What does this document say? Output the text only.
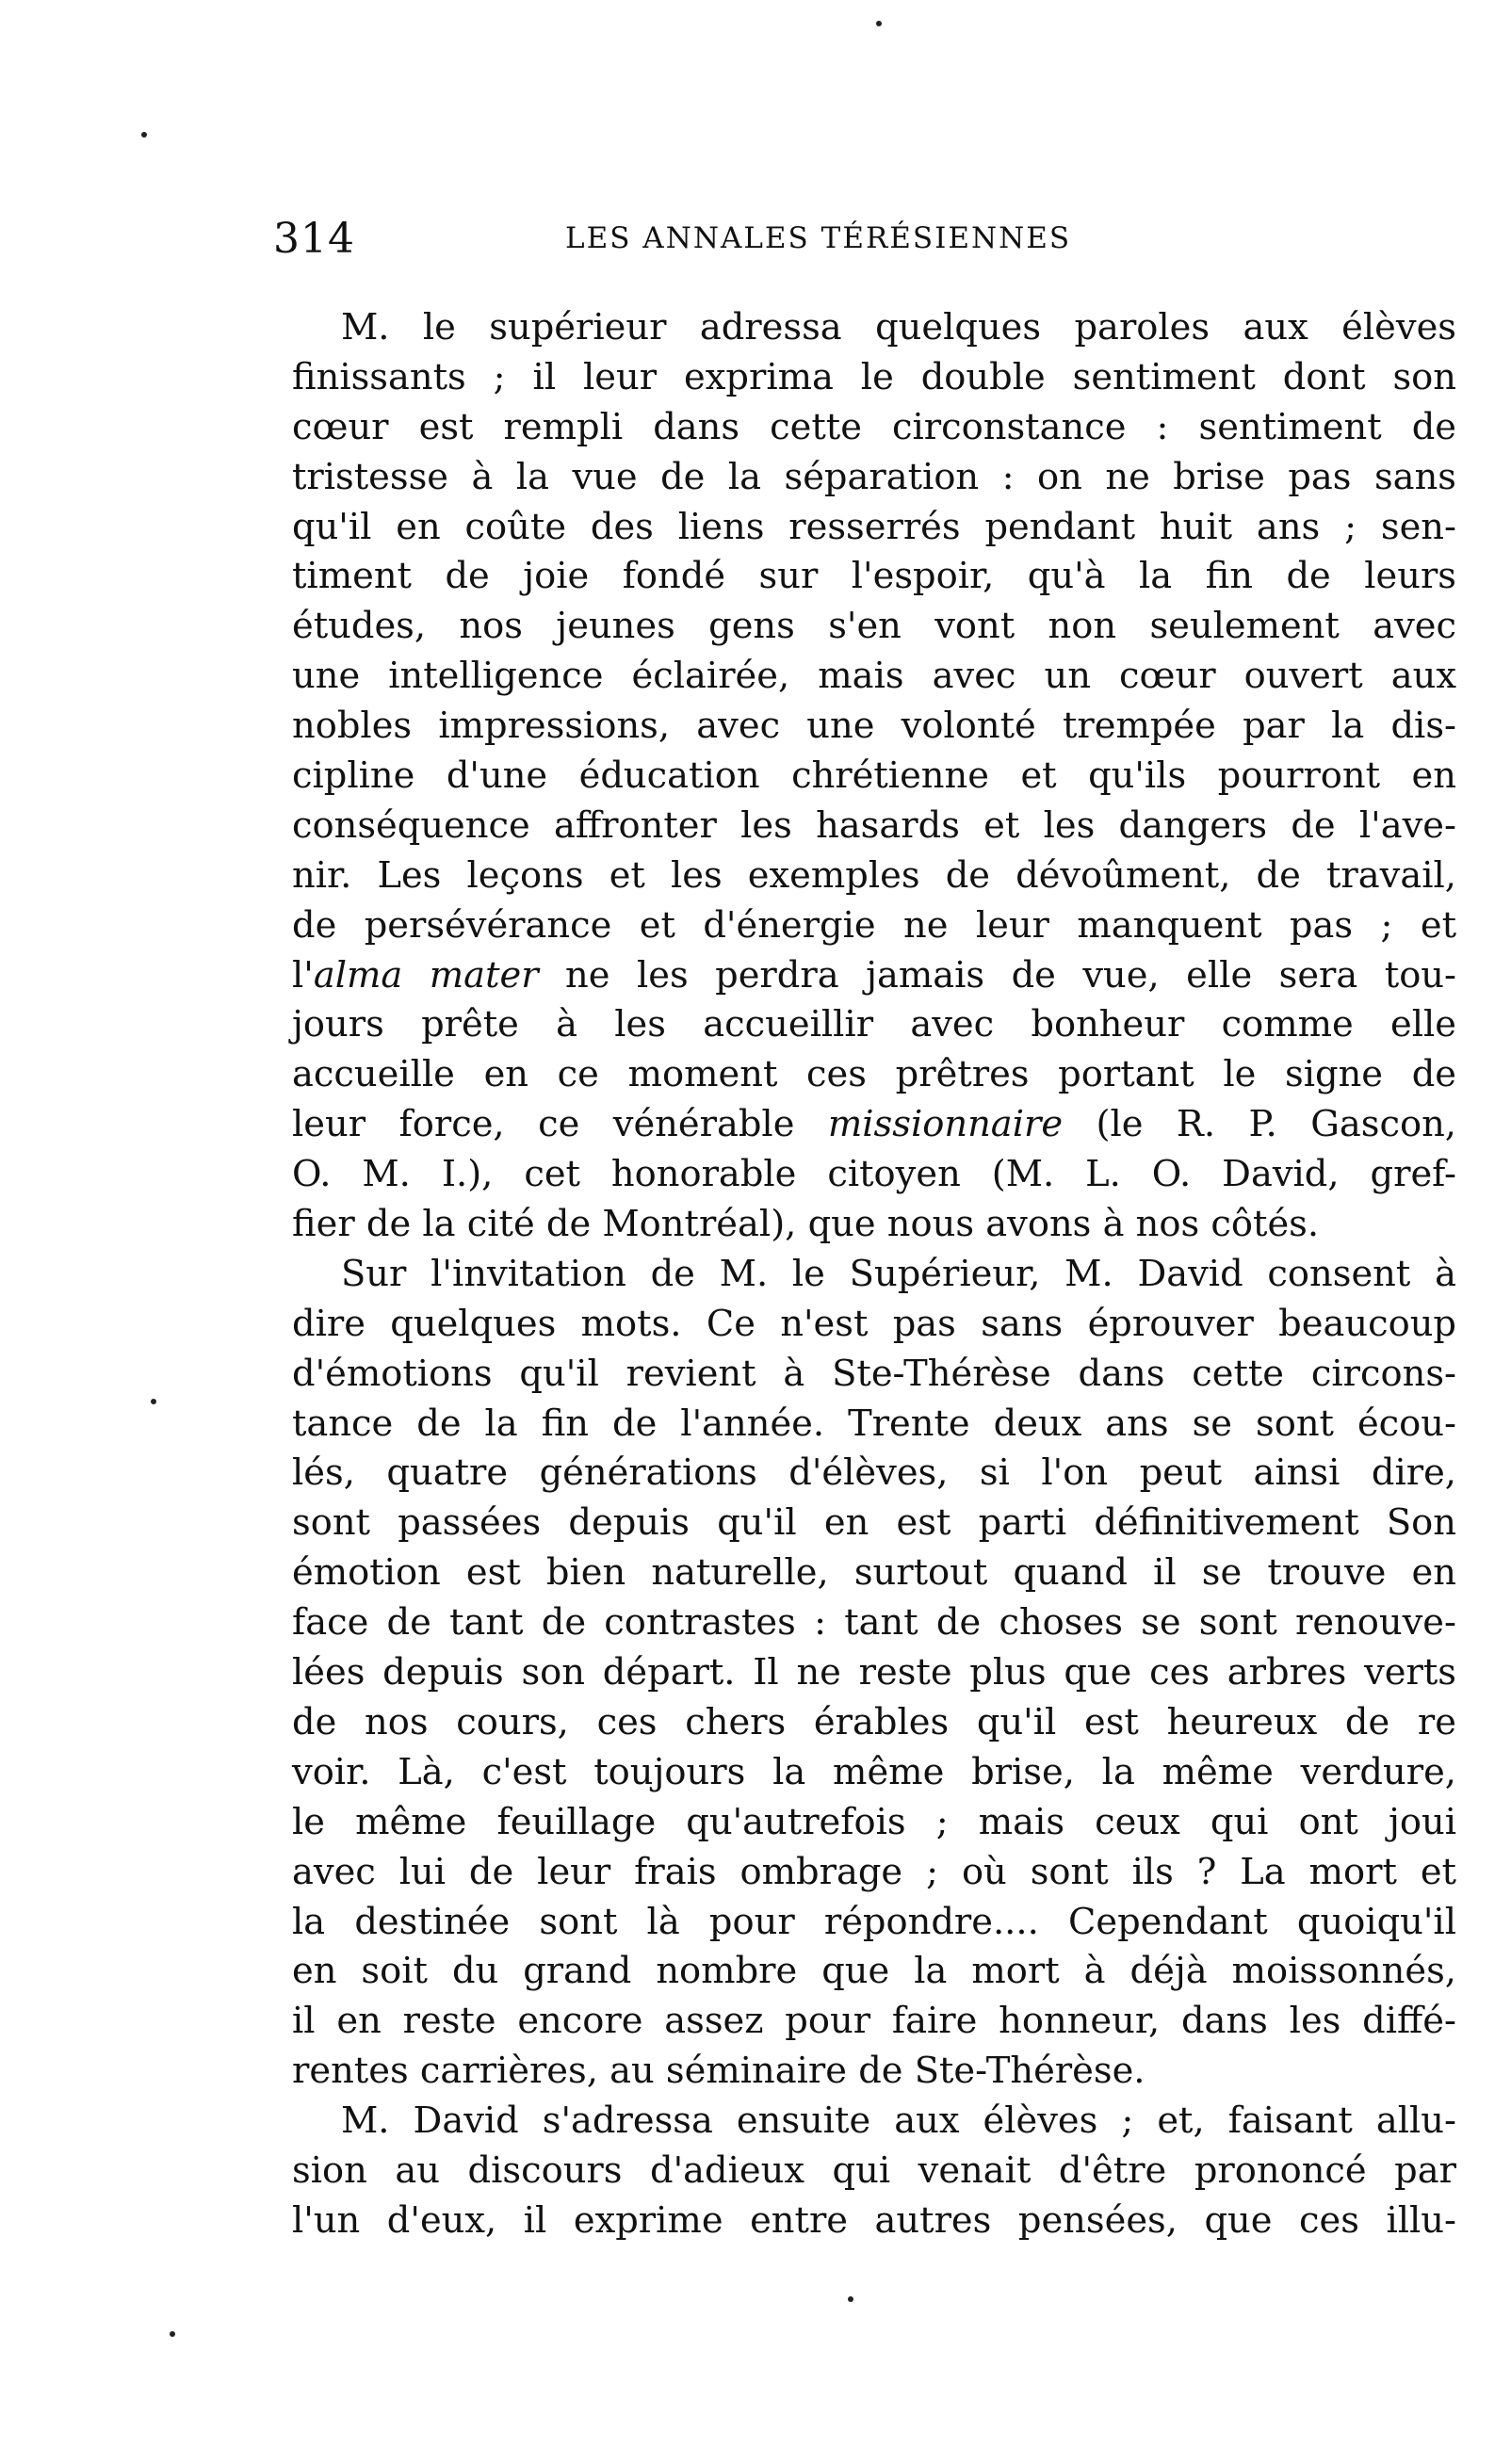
314	LES ANNALES TÉRÉSIENNES
M. le supérieur adressa quelques paroles aux élèves
finissants ; il leur exprima le double sentiment dont son
cœur est rempli dans cette circonstance : sentiment de
tristesse à la vue de la séparation : on ne brise pas sans
qu'il en coûte des liens resserrés pendant huit ans ; sen-
timent de joie fondé sur l'espoir, qu'à la fin de leurs
études, nos jeunes gens s'en vont non seulement avec
une intelligence éclairée, mais avec un cœur ouvert aux
nobles impressions, avec une volonté trempée par la dis-
cipline d'une éducation chrétienne et qu'ils pourront en
conséquence affronter les hasards et les dangers de l'ave-
nir. Les leçons et les exemples de dévoûment, de travail,
de persévérance et d'énergie ne leur manquent pas ; et
l'alma mater ne les perdra jamais de vue, elle sera tou-
jours prête à les accueillir avec bonheur comme elle
accueille en ce moment ces prêtres portant le signe de
leur force, ce vénérable missionnaire (le R. P. Gascon,
O. M. I.), cet honorable citoyen (M. L. O. David, gref-
fier de la cité de Montréal), que nous avons à nos côtés.
Sur l'invitation de M. le Supérieur, M. David consent à
dire quelques mots. Ce n'est pas sans éprouver beaucoup
d'émotions qu'il revient à Ste-Thérèse dans cette circons-
tance de la fin de l'année. Trente deux ans se sont écou-
lés, quatre générations d'élèves, si l'on peut ainsi dire,
sont passées depuis qu'il en est parti définitivement Son
émotion est bien naturelle, surtout quand il se trouve en
face de tant de contrastes : tant de choses se sont renouve-
lées depuis son départ. Il ne reste plus que ces arbres verts
de nos cours, ces chers érables qu'il est heureux de re
voir. Là, c'est toujours la même brise, la même verdure,
le même feuillage qu'autrefois ; mais ceux qui ont joui
avec lui de leur frais ombrage ; où sont ils ? La mort et
la destinée sont là pour répondre.... Cependant quoiqu'il
en soit du grand nombre que la mort à déjà moissonnés,
il en reste encore assez pour faire honneur, dans les diffé-
rentes carrières, au séminaire de Ste-Thérèse.
M. David s'adressa ensuite aux élèves ; et, faisant allu-
sion au discours d'adieux qui venait d'être prononcé par
l'un d'eux, il exprime entre autres pensées, que ces illu-
